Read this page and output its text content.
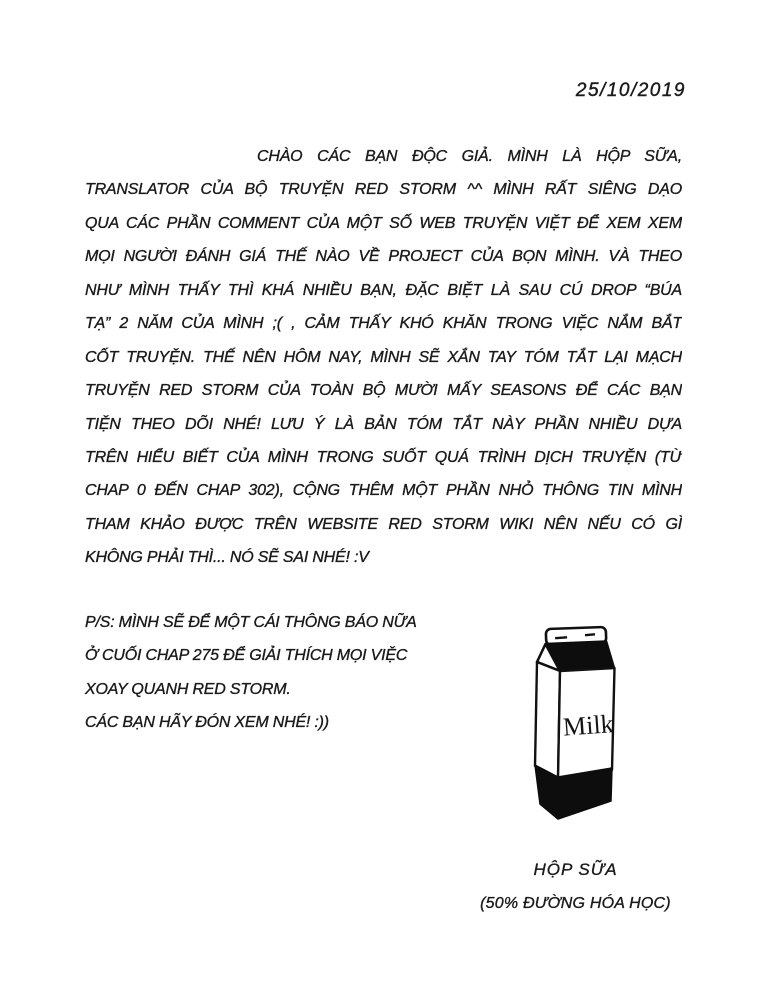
25/10/2019
CHÀO CÁC BẠN ĐỘC GIẢ. MÌNH LÀ HỘP SỮA,
TRANSLATOR CỦA BỘ TRUYỆN RED STORM ^^ MÌNH RẤT SIÊNG DẠO
QUA CÁC PHẦN COMMENT CỦA MỘT SỐ WEB TRUYỆN VIỆT ĐỂ XEM XEM
MỌI NGƯỜI ĐÁNH GIÁ THẾ NÀO VỀ PROJECT CỦA BỌN MÌNH. VÀ THEO
NHƯ MÌNH THẤY THÌ KHÁ NHIỀU BẠN, ĐẶC BIỆT LÀ SAU CÚ DROP “BÚA
TẠ” 2 NĂM CỦA MÌNH ;( , CẢM THẤY KHÓ KHĂN TRONG VIỆC NẮM BẮT
CỐT TRUYỆN. THẾ NÊN HÔM NAY, MÌNH SẼ XẮN TAY TÓM TẮT LẠI MẠCH
TRUYỆN RED STORM CỦA TOÀN BỘ MƯỜI MẤY SEASONS ĐỂ CÁC BẠN
TIỆN THEO DÕI NHÉ! LƯU Ý LÀ BẢN TÓM TẮT NÀY PHẦN NHIỀU DỰA
TRÊN HIỂU BIẾT CỦA MÌNH TRONG SUỐT QUÁ TRÌNH DỊCH TRUYỆN (TỪ
CHAP 0 ĐẾN CHAP 302), CỘNG THÊM MỘT PHẦN NHỎ THÔNG TIN MÌNH
THAM KHẢO ĐƯỢC TRÊN WEBSITE RED STORM WIKI NÊN NẾU CÓ GÌ
KHÔNG PHẢI THÌ... NÓ SẼ SAI NHÉ! :V
P/S: MÌNH SẼ ĐỂ MỘT CÁI THÔNG BÁO NỮA
Ở CUỐI CHAP 275 ĐỂ GIẢI THÍCH MỌI VIỆC
XOAY QUANH RED STORM.
CÁC BẠN HÃY ĐÓN XEM NHÉ! :))	Milk
HỘP SỮA
(50% ĐƯỜNG HÓA HỌC)
